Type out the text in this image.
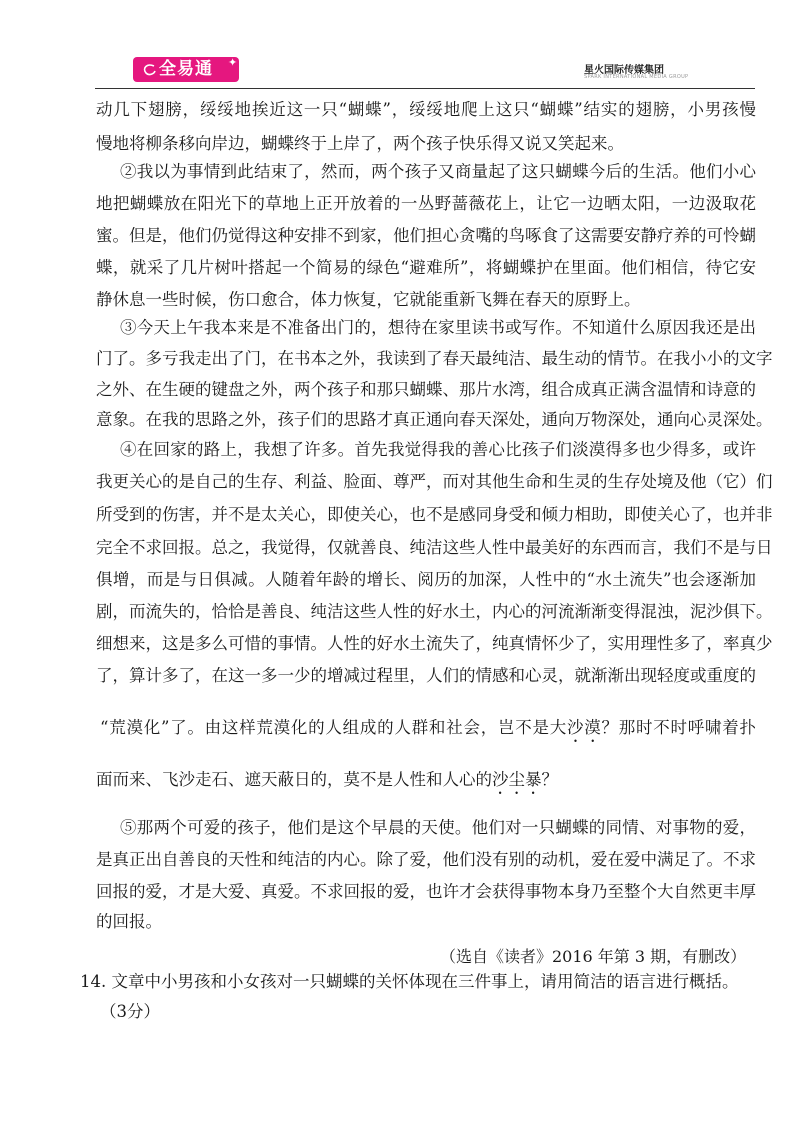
全易通	✦
星火国际传媒集团
SPARK INTERNATIONAL MEDIA GROUP
动几下翅膀，绥绥地挨近这一只“蝴蝶”，绥绥地爬上这只“蝴蝶”结实的翅膀，小男孩慢
慢地将柳条移向岸边，蝴蝶终于上岸了，两个孩子快乐得又说又笑起来。
②我以为事情到此结束了，然而，两个孩子又商量起了这只蝴蝶今后的生活。他们小心
地把蝴蝶放在阳光下的草地上正开放着的一丛野蔷薇花上，让它一边晒太阳，一边汲取花
蜜。但是，他们仍觉得这种安排不到家，他们担心贪嘴的鸟啄食了这需要安静疗养的可怜蝴
蝶，就采了几片树叶搭起一个简易的绿色“避难所”，将蝴蝶护在里面。他们相信，待它安
静休息一些时候，伤口愈合，体力恢复，它就能重新飞舞在春天的原野上。
③今天上午我本来是不准备出门的，想待在家里读书或写作。不知道什么原因我还是出
门了。多亏我走出了门，在书本之外，我读到了春天最纯洁、最生动的情节。在我小小的文字
之外、在生硬的键盘之外，两个孩子和那只蝴蝶、那片水湾，组合成真正满含温情和诗意的
意象。在我的思路之外，孩子们的思路才真正通向春天深处，通向万物深处，通向心灵深处。
④在回家的路上，我想了许多。首先我觉得我的善心比孩子们淡漠得多也少得多，或许
我更关心的是自己的生存、利益、脸面、尊严，而对其他生命和生灵的生存处境及他（它）们
所受到的伤害，并不是太关心，即使关心，也不是感同身受和倾力相助，即使关心了，也并非
完全不求回报。总之，我觉得，仅就善良、纯洁这些人性中最美好的东西而言，我们不是与日
俱增，而是与日俱减。人随着年龄的增长、阅历的加深，人性中的“水土流失”也会逐渐加
剧，而流失的，恰恰是善良、纯洁这些人性的好水土，内心的河流渐渐变得混浊，泥沙俱下。
细想来，这是多么可惜的事情。人性的好水土流失了，纯真情怀少了，实用理性多了，率真少
了，算计多了，在这一多一少的增减过程里，人们的情感和心灵，就渐渐出现轻度或重度的
“荒漠化”了。由这样荒漠化的人组成的人群和社会，岂不是大沙漠？那时不时呼啸着扑
面而来、飞沙走石、遮天蔽日的，莫不是人性和人心的沙尘暴？
⑤那两个可爱的孩子，他们是这个早晨的天使。他们对一只蝴蝶的同情、对事物的爱，
是真正出自善良的天性和纯洁的内心。除了爱，他们没有别的动机，爱在爱中满足了。不求
回报的爱，才是大爱、真爱。不求回报的爱，也许才会获得事物本身乃至整个大自然更丰厚
的回报。
（选自《读者》2016 年第 3 期，有删改）
14. 文章中小男孩和小女孩对一只蝴蝶的关怀体现在三件事上，请用简洁的语言进行概括。
（3分）
